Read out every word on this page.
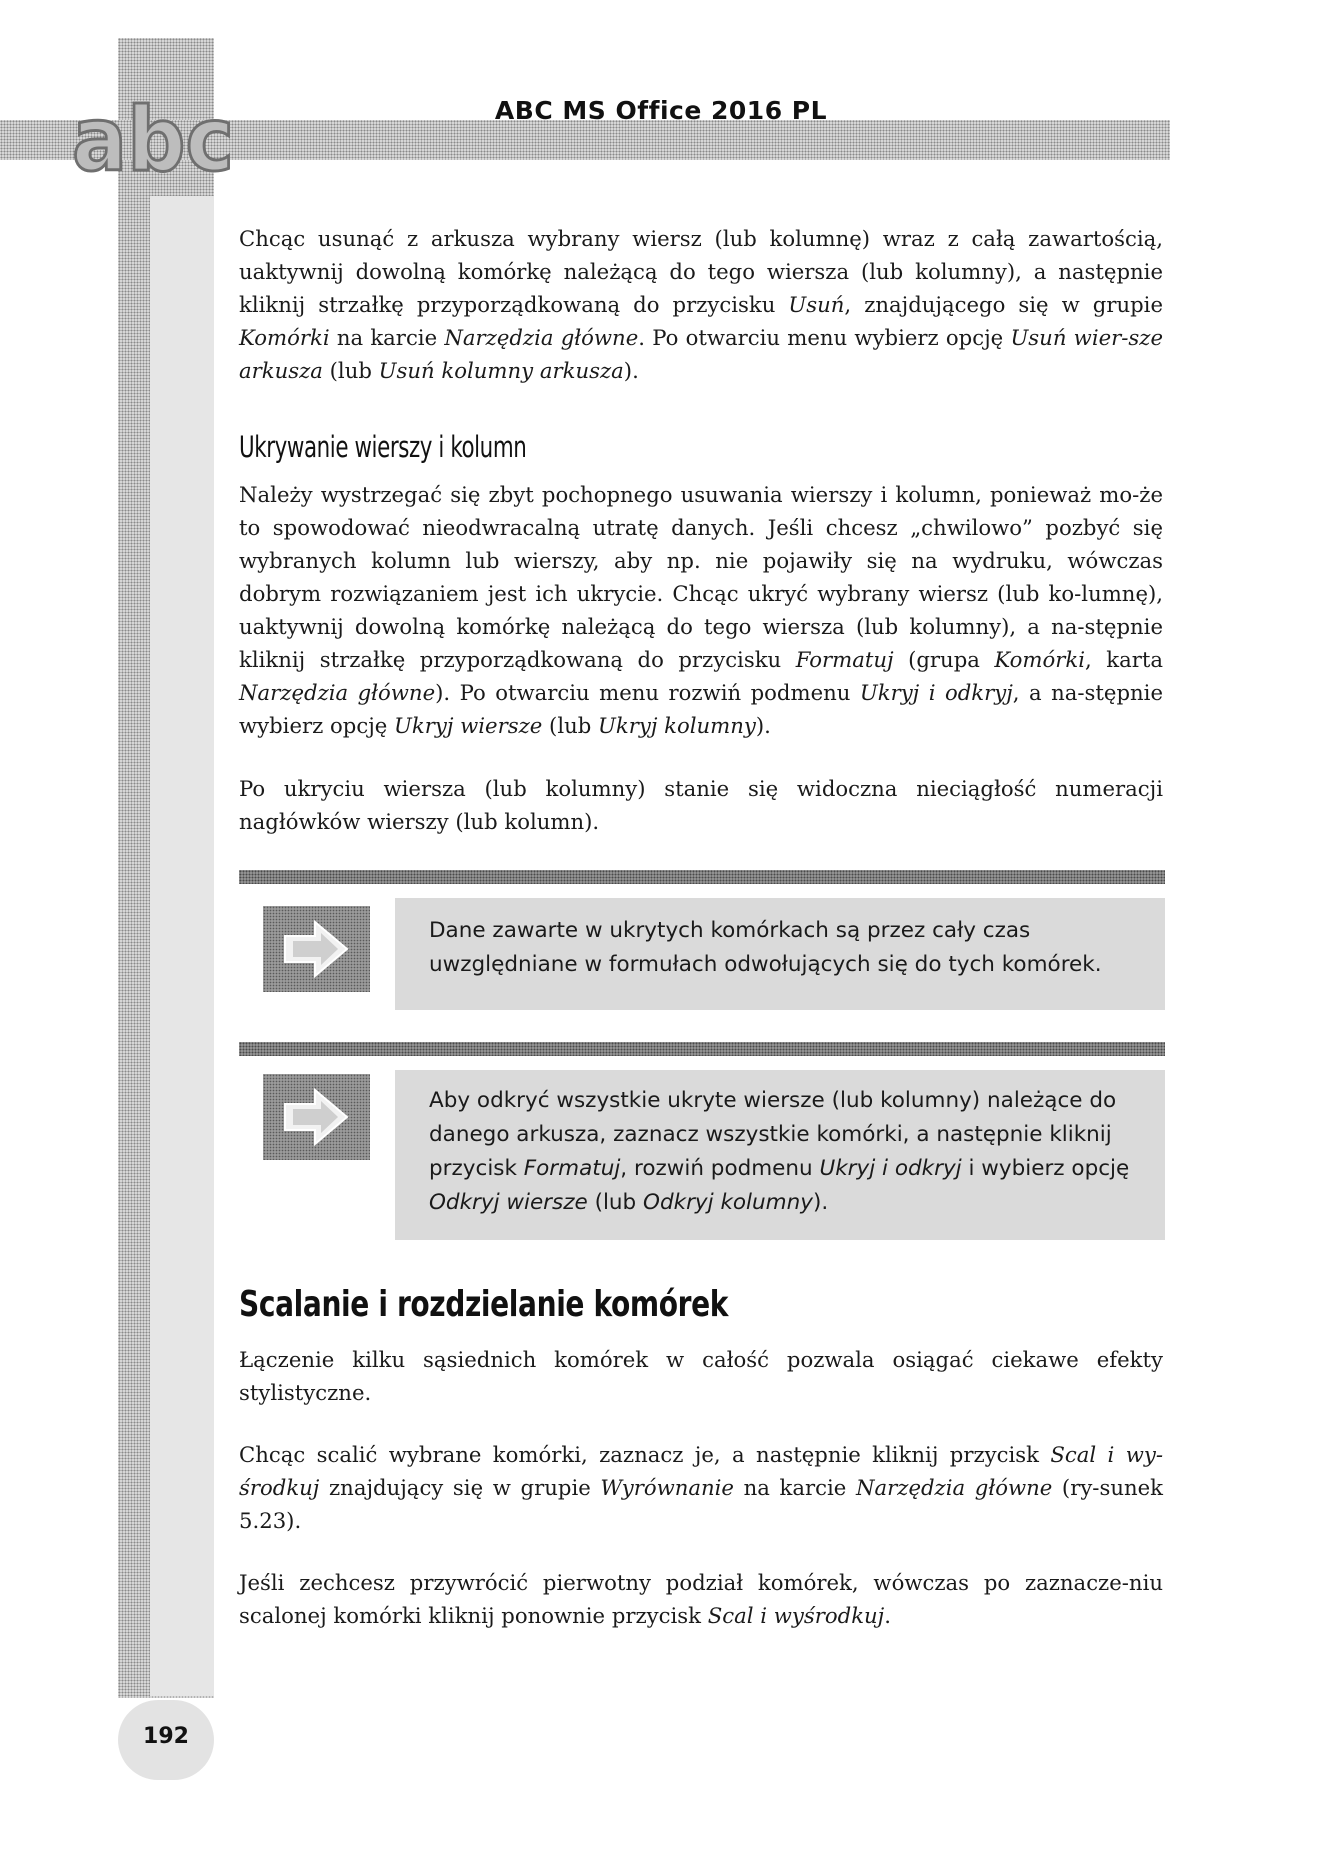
abc	ABC MS Office 2016 PL

Chcąc usunąć z arkusza wybrany wiersz (lub kolumnę) wraz z całą zawartością, uaktywnij dowolną komórkę należącą do tego wiersza (lub kolumny), a następnie kliknij strzałkę przyporządkowaną do przycisku Usuń, znajdującego się w grupie Komórki na karcie Narzędzia główne. Po otwarciu menu wybierz opcję Usuń wier-sze arkusza (lub Usuń kolumny arkusza).

Ukrywanie wierszy i kolumn

Należy wystrzegać się zbyt pochopnego usuwania wierszy i kolumn, ponieważ mo-że to spowodować nieodwracalną utratę danych. Jeśli chcesz „chwilowo” pozbyć się wybranych kolumn lub wierszy, aby np. nie pojawiły się na wydruku, wówczas dobrym rozwiązaniem jest ich ukrycie. Chcąc ukryć wybrany wiersz (lub ko-lumnę), uaktywnij dowolną komórkę należącą do tego wiersza (lub kolumny), a na-stępnie kliknij strzałkę przyporządkowaną do przycisku Formatuj (grupa Komórki, karta Narzędzia główne). Po otwarciu menu rozwiń podmenu Ukryj i odkryj, a na-stępnie wybierz opcję Ukryj wiersze (lub Ukryj kolumny).

Po ukryciu wiersza (lub kolumny) stanie się widoczna nieciągłość numeracji nagłówków wierszy (lub kolumn).

Dane zawarte w ukrytych komórkach są przez cały czas uwzględniane w formułach odwołujących się do tych komórek.

Aby odkryć wszystkie ukryte wiersze (lub kolumny) należące do danego arkusza, zaznacz wszystkie komórki, a następnie kliknij przycisk Formatuj, rozwiń podmenu Ukryj i odkryj i wybierz opcję Odkryj wiersze (lub Odkryj kolumny).

Scalanie i rozdzielanie komórek

Łączenie kilku sąsiednich komórek w całość pozwala osiągać ciekawe efekty stylistyczne.

Chcąc scalić wybrane komórki, zaznacz je, a następnie kliknij przycisk Scal i wy-środkuj znajdujący się w grupie Wyrównanie na karcie Narzędzia główne (ry-sunek 5.23).

Jeśli zechcesz przywrócić pierwotny podział komórek, wówczas po zaznacze-niu scalonej komórki kliknij ponownie przycisk Scal i wyśrodkuj.

192
